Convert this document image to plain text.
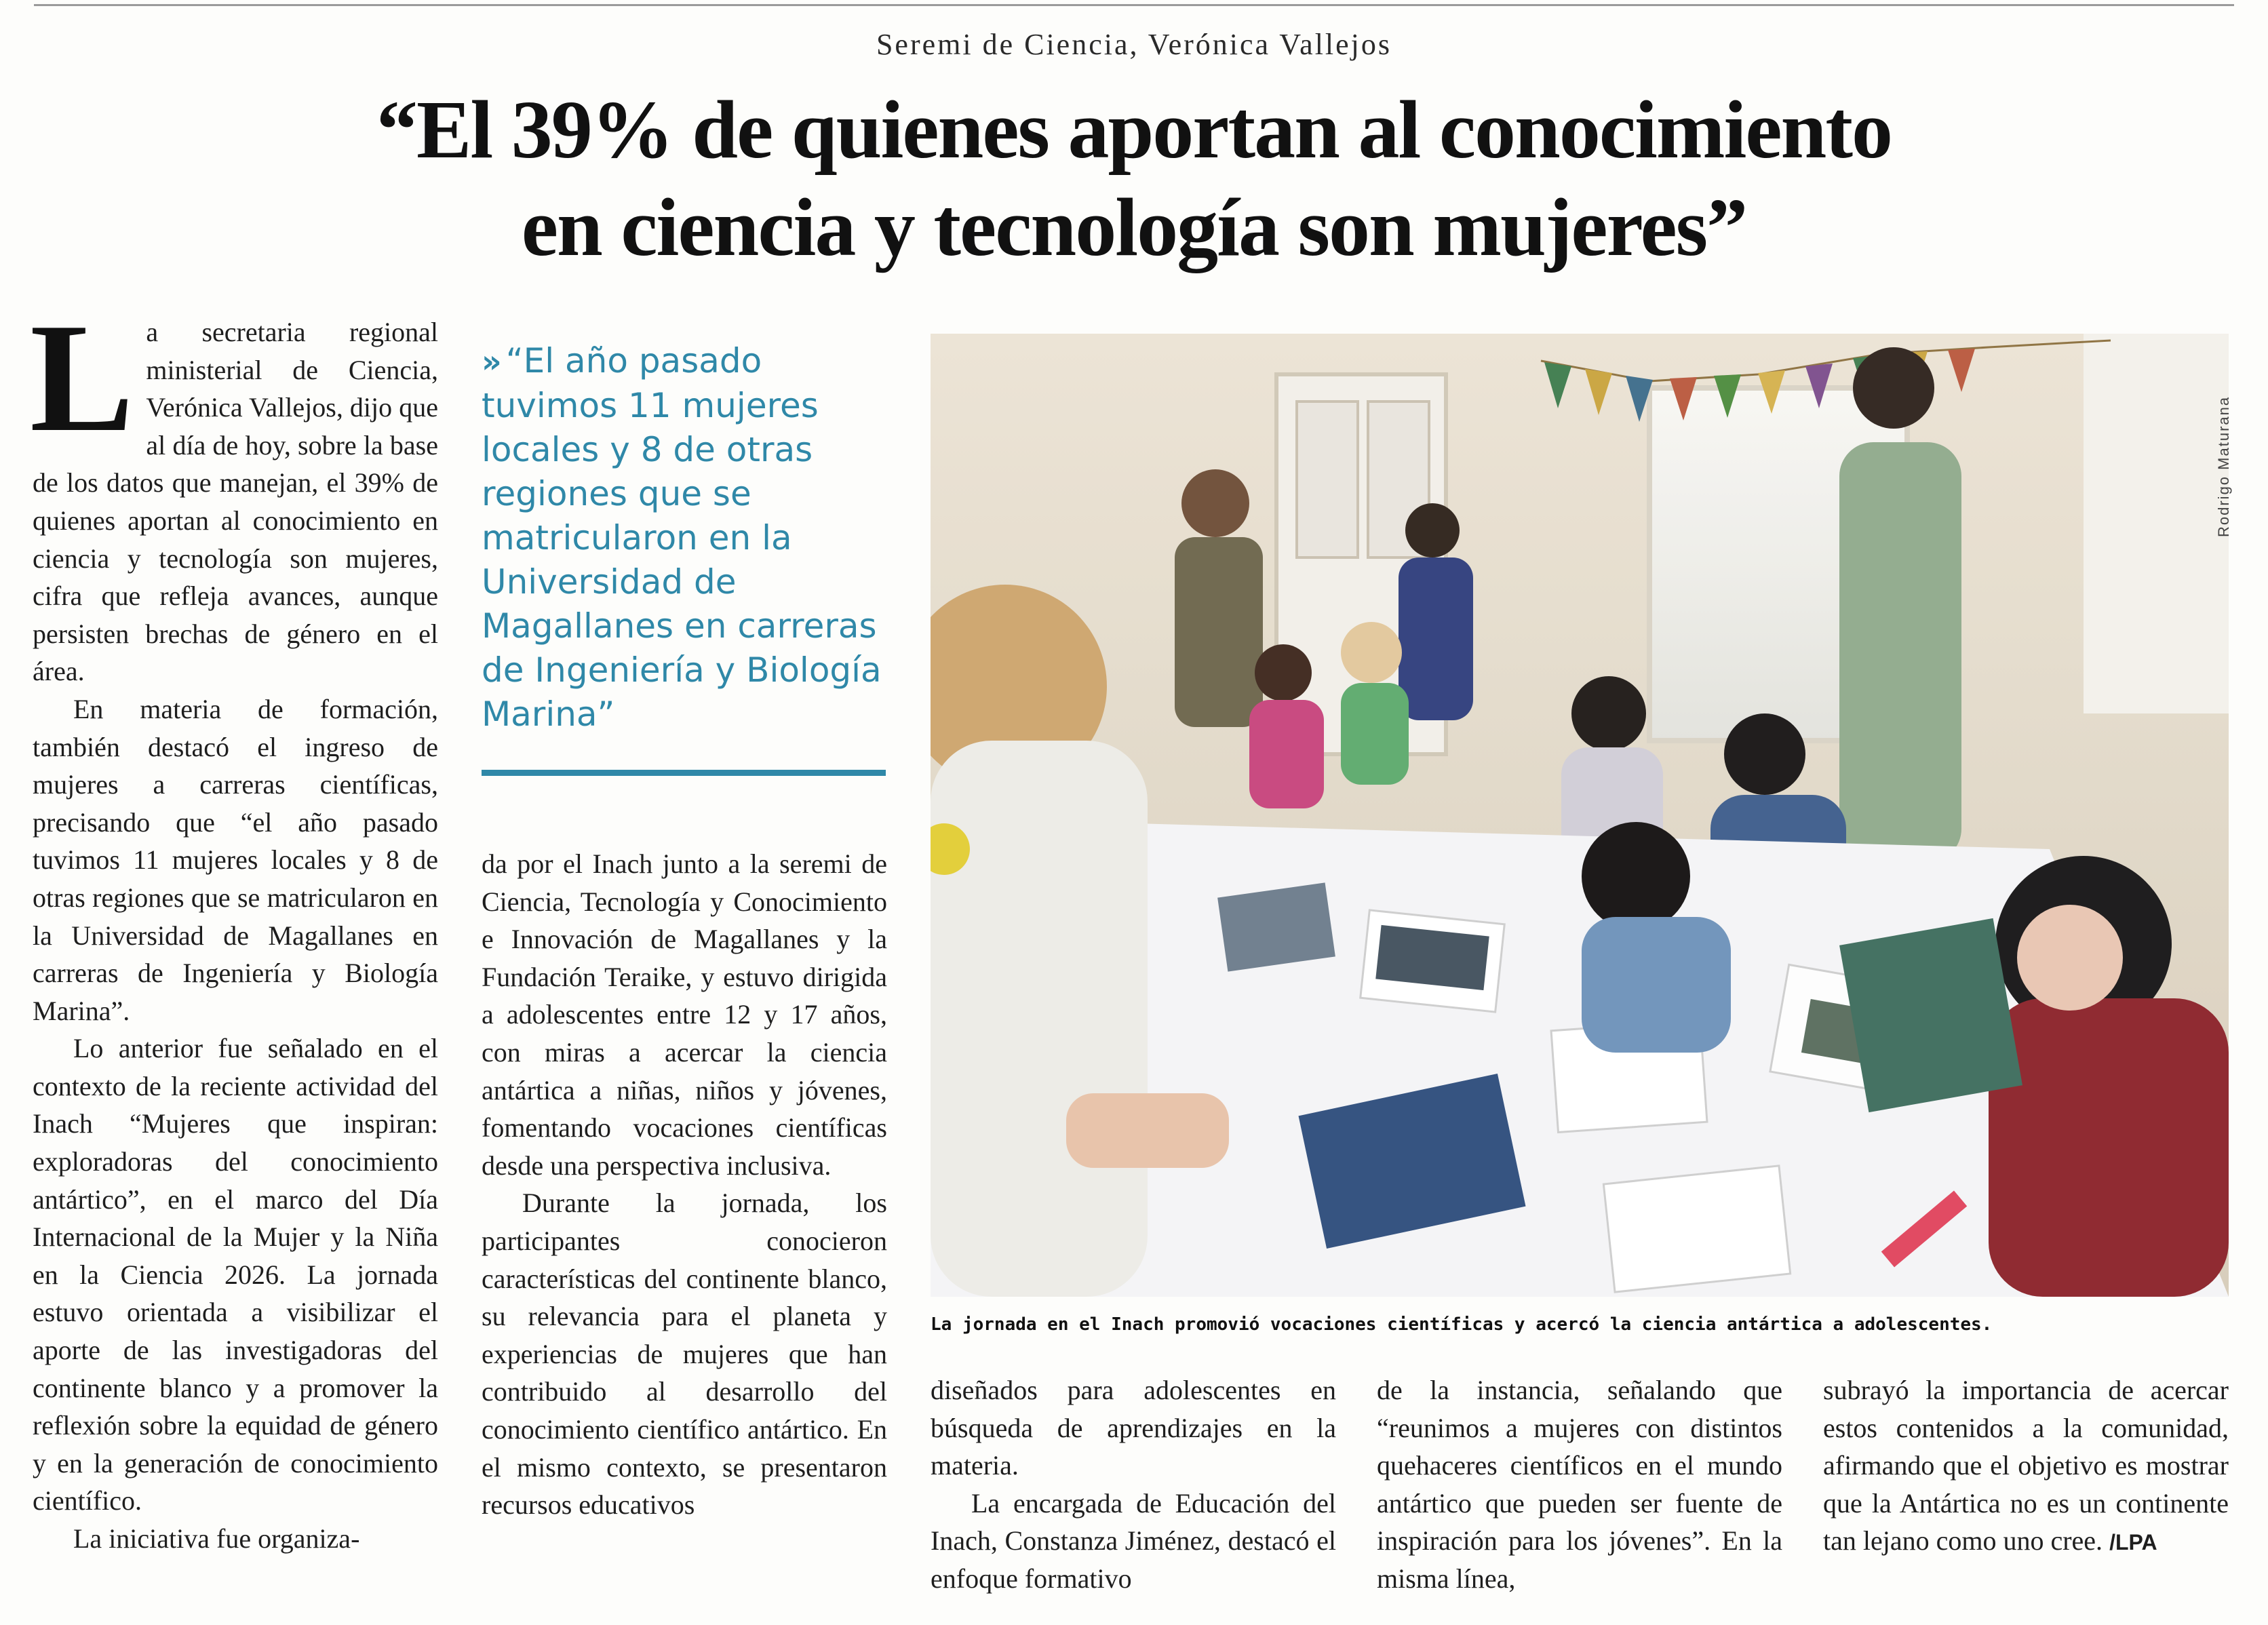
Seremi de Ciencia, Verónica Vallejos
“El 39% de quienes aportan al conocimiento
en ciencia y tecnología son mujeres”
L a secretaria regional ministerial de Ciencia, Verónica Vallejos, dijo que al día de hoy, sobre la base de los datos que manejan, el 39% de quienes aportan al conocimiento en ciencia y tecnología son mujeres, cifra que refleja avances, aunque persisten brechas de género en el área.

En materia de formación, también destacó el ingreso de mujeres a carreras científicas, precisando que “el año pasado tuvimos 11 mujeres locales y 8 de otras regiones que se matricularon en la Universidad de Magallanes en carreras de Ingeniería y Biología Marina”.

Lo anterior fue señalado en el contexto de la reciente actividad del Inach “Mujeres que inspiran: exploradoras del conocimiento antártico”, en el marco del Día Internacional de la Mujer y la Niña en la Ciencia 2026. La jornada estuvo orientada a visibilizar el aporte de las investigadoras del continente blanco y a promover la reflexión sobre la equidad de género y en la generación de conocimiento científico.

La iniciativa fue organiza-

» “El año pasado tuvimos 11 mujeres locales y 8 de otras regiones que se matricularon en la Universidad de Magallanes en carreras de Ingeniería y Biología Marina”

da por el Inach junto a la seremi de Ciencia, Tecnología y Conocimiento e Innovación de Magallanes y la Fundación Teraike, y estuvo dirigida a adolescentes entre 12 y 17 años, con miras a acercar la ciencia antártica a niñas, niños y jóvenes, fomentando vocaciones científicas desde una perspectiva inclusiva.

Durante la jornada, los participantes conocieron características del continente blanco, su relevancia para el planeta y experiencias de mujeres que han contribuido al desarrollo del conocimiento científico antártico. En el mismo contexto, se presentaron recursos educativos

Rodrigo Maturana
La jornada en el Inach promovió vocaciones científicas y acercó la ciencia antártica a adolescentes.

diseñados para adolescentes en búsqueda de aprendizajes en la materia.

La encargada de Educación del Inach, Constanza Jiménez, destacó el enfoque formativo

de la instancia, señalando que “reunimos a mujeres con distintos quehaceres científicos en el mundo antártico que pueden ser fuente de inspiración para los jóvenes”. En la misma línea,

subrayó la importancia de acercar estos contenidos a la comunidad, afirmando que el objetivo es mostrar que la Antártica no es un continente tan lejano como uno cree. /LPA
